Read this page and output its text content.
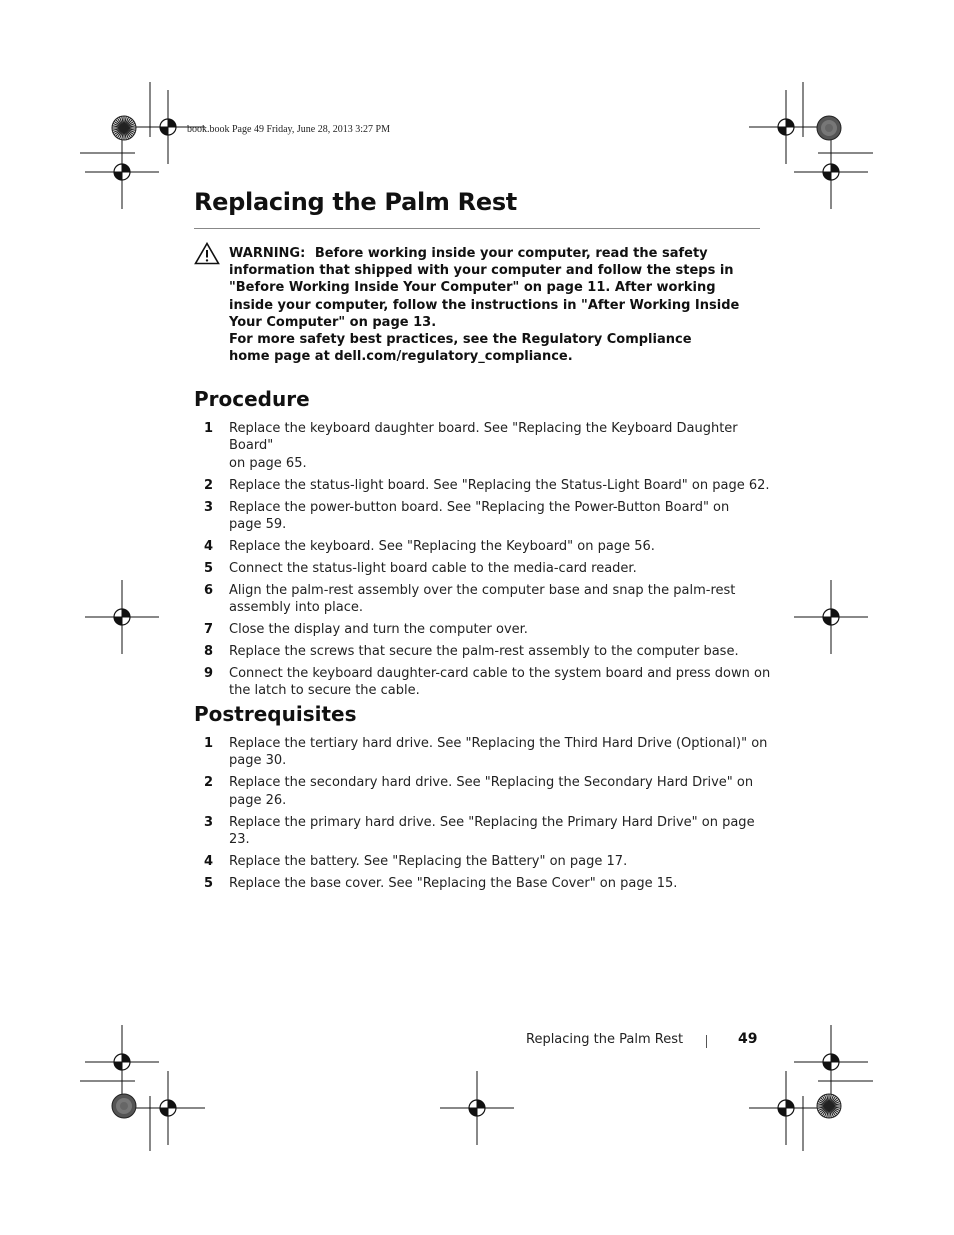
book.book Page 49 Friday, June 28, 2013 3:27 PM
Replacing the Palm Rest
WARNING: Before working inside your computer, read the safety
information that shipped with your computer and follow the steps in
"Before Working Inside Your Computer" on page 11. After working
inside your computer, follow the instructions in "After Working Inside
Your Computer" on page 13.
For more safety best practices, see the Regulatory Compliance
home page at dell.com/regulatory_compliance.
Procedure
1 Replace the keyboard daughter board. See "Replacing the Keyboard Daughter Board"
on page 65.
2 Replace the status-light board. See "Replacing the Status-Light Board" on page 62.
3 Replace the power-button board. See "Replacing the Power-Button Board" on
page 59.
4 Replace the keyboard. See "Replacing the Keyboard" on page 56.
5 Connect the status-light board cable to the media-card reader.
6 Align the palm-rest assembly over the computer base and snap the palm-rest
assembly into place.
7 Close the display and turn the computer over.
8 Replace the screws that secure the palm-rest assembly to the computer base.
9 Connect the keyboard daughter-card cable to the system board and press down on
the latch to secure the cable.
Postrequisites
1 Replace the tertiary hard drive. See "Replacing the Third Hard Drive (Optional)" on
page 30.
2 Replace the secondary hard drive. See "Replacing the Secondary Hard Drive" on
page 26.
3 Replace the primary hard drive. See "Replacing the Primary Hard Drive" on page 23.
4 Replace the battery. See "Replacing the Battery" on page 17.
5 Replace the base cover. See "Replacing the Base Cover" on page 15.
Replacing the Palm Rest	49
